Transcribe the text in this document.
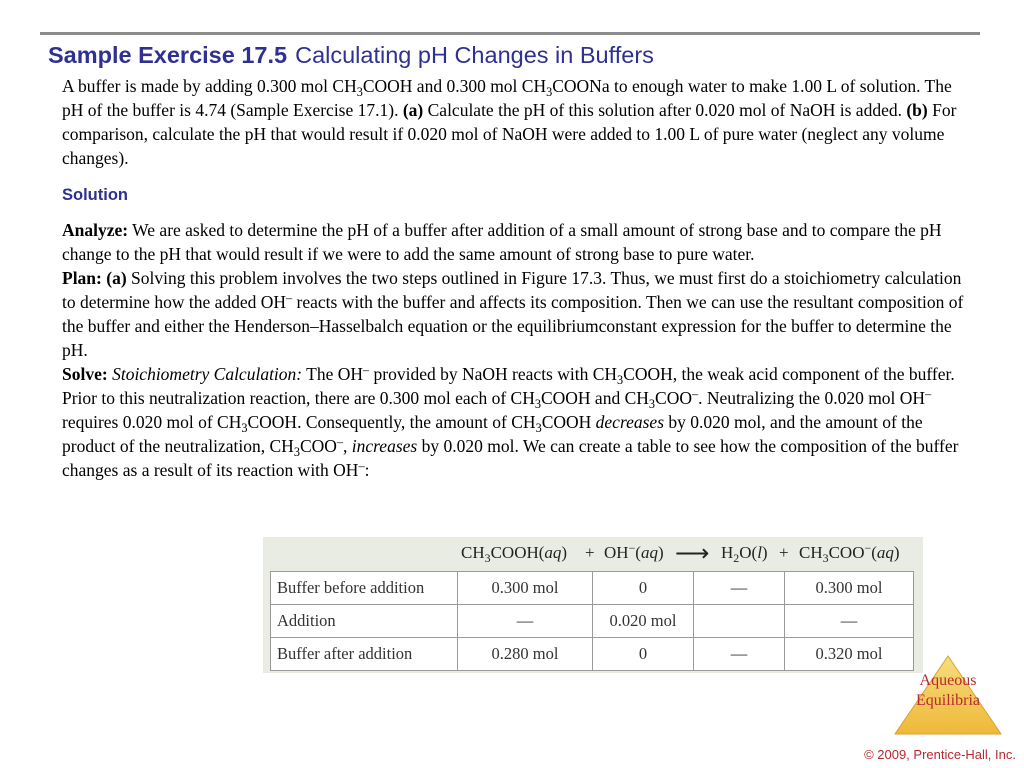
Sample Exercise 17.5 Calculating pH Changes in Buffers
A buffer is made by adding 0.300 mol $CH_3COOH$ and 0.300 mol $CH_3COONa$ to enough water to make 1.00 L of solution. The pH of the buffer is 4.74 (Sample Exercise 17.1). (a) Calculate the pH of this solution after 0.020 mol of NaOH is added. (b) For comparison, calculate the pH that would result if 0.020 mol of NaOH were added to 1.00 L of pure water (neglect any volume changes).
Solution
Analyze: We are asked to determine the pH of a buffer after addition of a small amount of strong base and to compare the pH change to the pH that would result if we were to add the same amount of strong base to pure water.
Plan: (a) Solving this problem involves the two steps outlined in Figure 17.3. Thus, we must first do a stoichiometry calculation to determine how the added OH– reacts with the buffer and affects its composition. Then we can use the resultant composition of the buffer and either the Henderson–Hasselbalch equation or the equilibriumconstant expression for the buffer to determine the pH.
Solve: Stoichiometry Calculation: The OH– provided by NaOH reacts with $CH_3COOH$, the weak acid component of the buffer. Prior to this neutralization reaction, there are 0.300 mol each of $CH_3COOH$ and $CH_3COO^-$. Neutralizing the 0.020 mol OH– requires 0.020 mol of $CH_3COOH$. Consequently, the amount of $CH_3COOH$ decreases by 0.020 mol, and the amount of the product of the neutralization, $CH_3COO^-$, increases by 0.020 mol. We can create a table to see how the composition of the buffer changes as a result of its reaction with OH–:
$CH_3COOH(aq) + OH^-(aq)$ ⟶ $H_2O(l) + CH_3COO^-(aq)$
Buffer before addition	0.300 mol	0	—	0.300 mol
Addition	—	0.020 mol		—
Buffer after addition	0.280 mol	0	—	0.320 mol
Aqueous
Equilibria
© 2009, Prentice-Hall, Inc.
